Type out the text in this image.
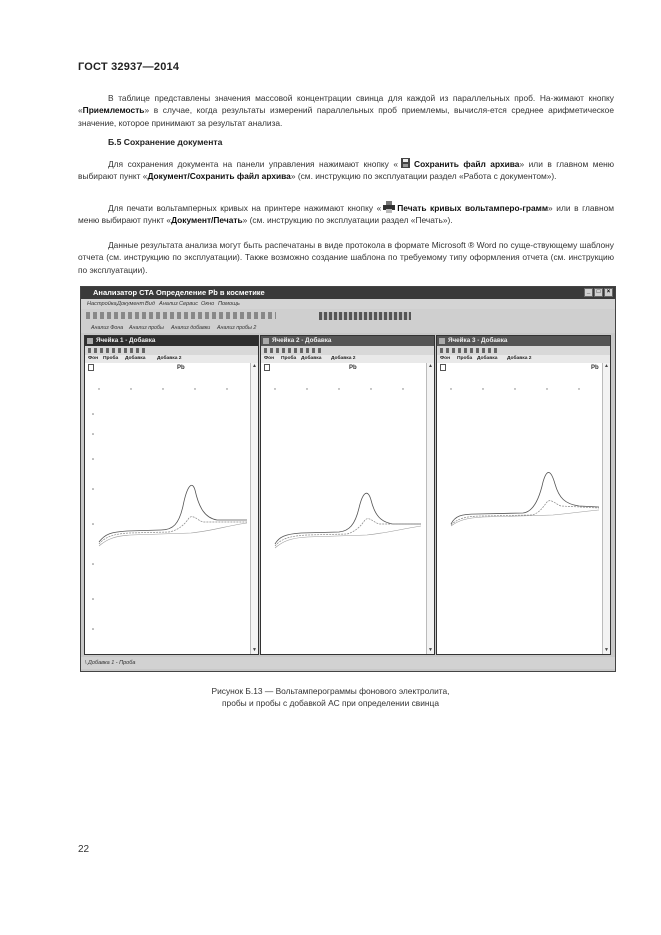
ГОСТ 32937—2014
В таблице представлены значения массовой концентрации свинца для каждой из параллельных проб. На-жимают кнопку «Приемлемость» в случае, когда результаты измерений параллельных проб приемлемы, вычисля-ется среднее арифметическое значение, которое принимают за результат анализа.
Б.5 Сохранение документа
Для сохранения документа на панели управления нажимают кнопку « Сохранить файл архива» или в главном меню выбирают пункт «Документ/Сохранить файл архива» (см. инструкцию по эксплуатации раздел «Работа с документом»).
Для печати вольтамперных кривых на принтере нажимают кнопку « Печать кривых вольтамперо-грамм» или в главном меню выбирают пункт «Документ/Печать» (см. инструкцию по эксплуатации раздел «Печать»).
Данные результата анализа могут быть распечатаны в виде протокола в формате Microsoft ® Word по суще-ствующему шаблону отчета (см. инструкцию по эксплуатации). Также возможно создание шаблона по требуемому типу оформления отчета (см. инструкцию по эксплуатации).
Анализатор СТА Определение Pb в косметике	_	□	×
Настройка Документ Вид Анализ Сервис Окно Помощь
Анализ Фона Анализ пробы Анализ добавки Анализ пробы 2
Ячейка 1 - Добавка
Фон Проба Добавка Добавка 2
Pb	▲
▼
Ячейка 2 - Добавка
Фон Проба Добавка Добавка 2
Pb	▲
▼
Ячейка 3 - Добавка
Фон Проба Добавка Добавка 2
Pb ▲
▼
\ Добавка 1 - Проба
Рисунок Б.13 — Вольтамперограммы фонового электролита,
пробы и пробы с добавкой АС при определении свинца
22
